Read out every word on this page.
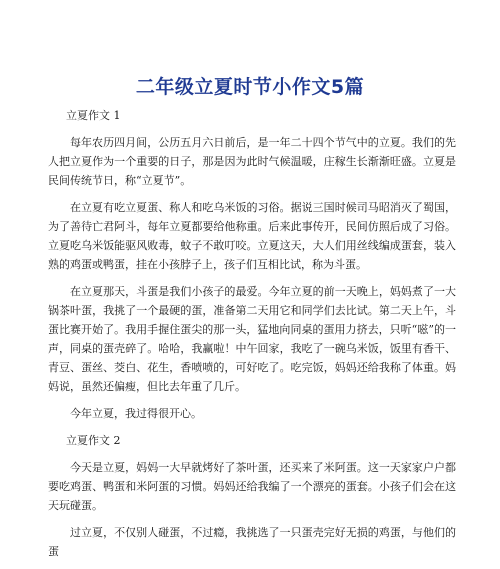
二年级立夏时节小作文5篇

立夏作文 1

每年农历四月间，公历五月六日前后，是一年二十四个节气中的立夏。我们的先人把立夏作为一个重要的日子，那是因为此时气候温暖，庄稼生长渐渐旺盛。立夏是民间传统节日，称“立夏节”。

在立夏有吃立夏蛋、称人和吃乌米饭的习俗。据说三国时候司马昭消灭了蜀国，为了善待亡君阿斗，每年立夏都要给他称重。后来此事传开，民间仿照后成了习俗。立夏吃乌米饭能驱风败毒，蚊子不敢叮咬。立夏这天，大人们用丝线编成蛋套，装入熟的鸡蛋或鸭蛋，挂在小孩脖子上，孩子们互相比试，称为斗蛋。

在立夏那天，斗蛋是我们小孩子的最爱。今年立夏的前一天晚上，妈妈煮了一大锅茶叶蛋，我挑了一个最硬的蛋，准备第二天用它和同学们去比试。第二天上午，斗蛋比赛开始了。我用手握住蛋尖的那一头，猛地向同桌的蛋用力挤去，只听“嗞”的一声，同桌的蛋壳碎了。哈哈，我赢啦！中午回家，我吃了一碗乌米饭，饭里有香干、青豆、蛋丝、茭白、花生，香喷喷的，可好吃了。吃完饭，妈妈还给我称了体重。妈妈说，虽然还偏瘦，但比去年重了几斤。

今年立夏，我过得很开心。

立夏作文 2

今天是立夏，妈妈一大早就烤好了茶叶蛋，还买来了米阿蛋。这一天家家户户都要吃鸡蛋、鸭蛋和米阿蛋的习惯。妈妈还给我编了一个漂亮的蛋套。小孩子们会在这天玩碰蛋。

过立夏，不仅别人碰蛋，不过瘾，我挑选了一只蛋壳完好无损的鸡蛋，与他们的蛋
